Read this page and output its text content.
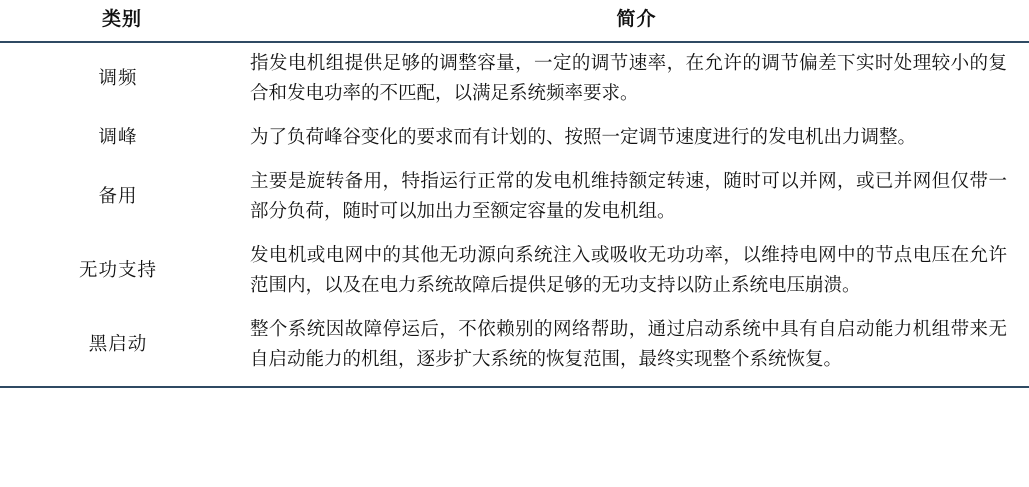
类别	简介
调频	指发电机组提供足够的调整容量，一定的调节速率，在允许的调节偏差下实时处理较小的复合和发电功率的不匹配，以满足系统频率要求。

调峰	为了负荷峰谷变化的要求而有计划的、按照一定调节速度进行的发电机出力调整。

备用	主要是旋转备用，特指运行正常的发电机维持额定转速，随时可以并网，或已并网但仅带一部分负荷，随时可以加出力至额定容量的发电机组。

无功支持	发电机或电网中的其他无功源向系统注入或吸收无功功率，以维持电网中的节点电压在允许范围内，以及在电力系统故障后提供足够的无功支持以防止系统电压崩溃。

黑启动	整个系统因故障停运后，不依赖别的网络帮助，通过启动系统中具有自启动能力机组带来无自启动能力的机组，逐步扩大系统的恢复范围，最终实现整个系统恢复。
